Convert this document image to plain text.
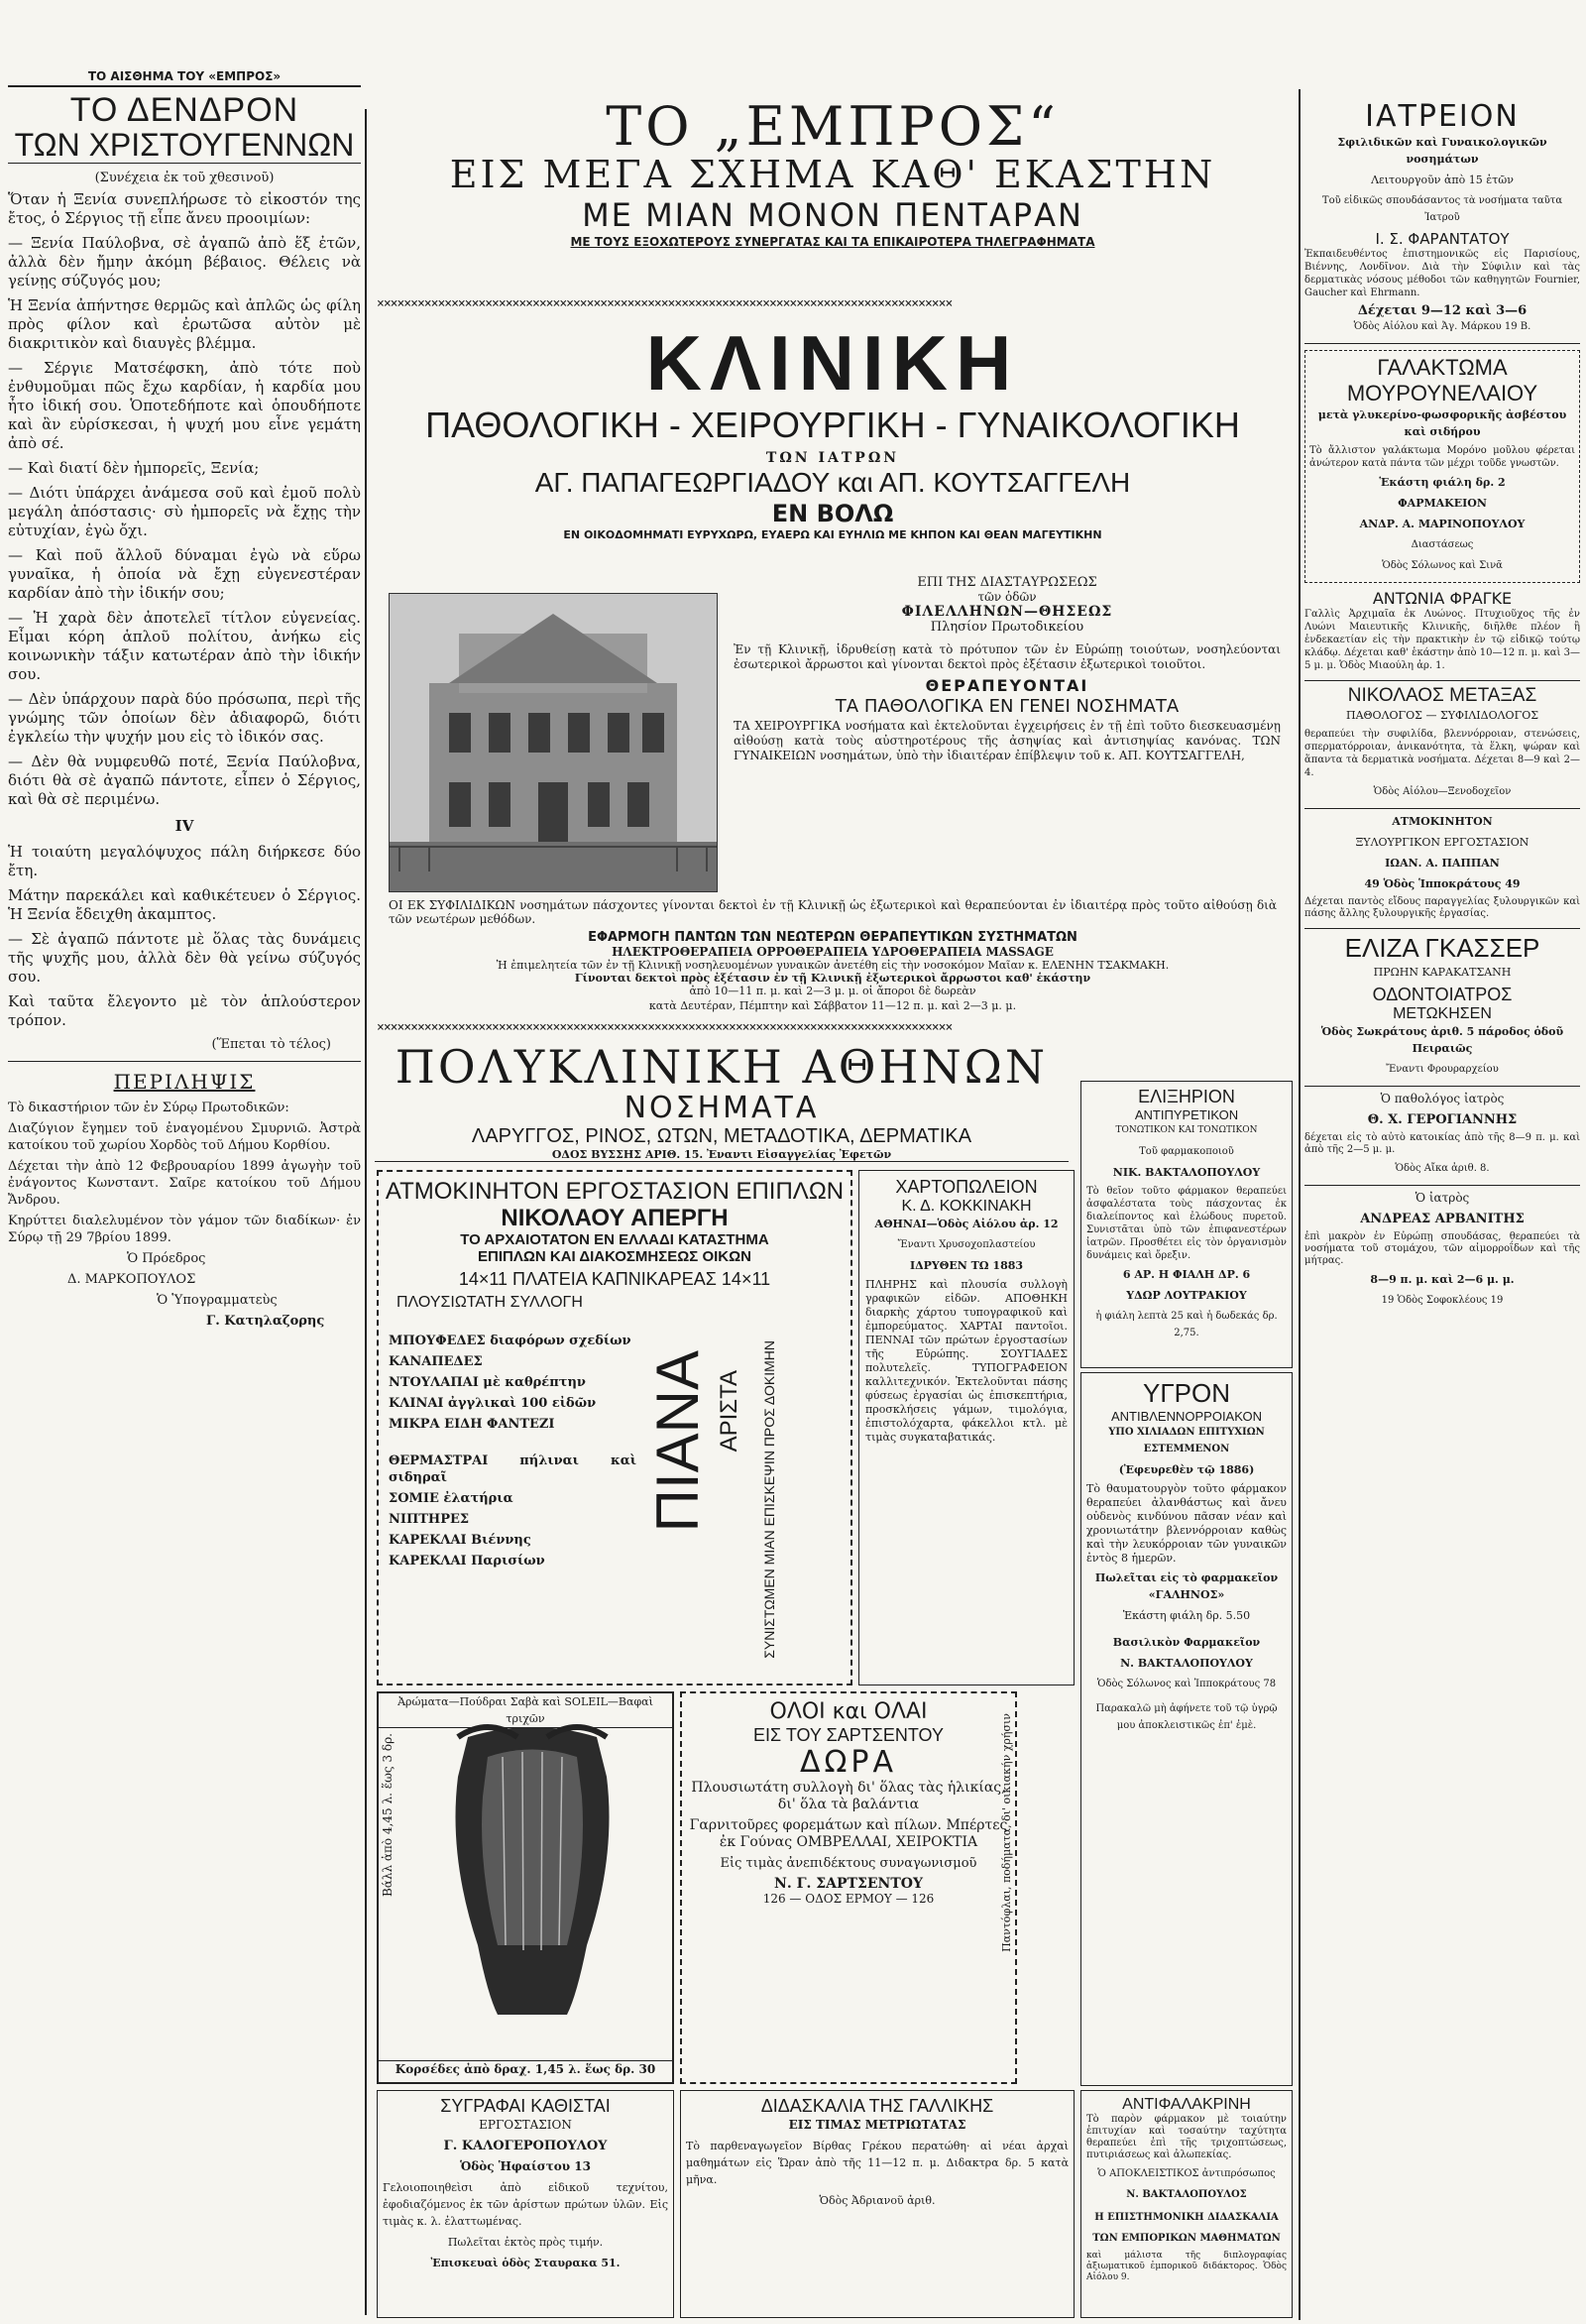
ΤΟ ΑΙΣΘΗΜΑ ΤΟΥ «ΕΜΠΡΟΣ»
ΤΟ ΔΕΝΔΡΟΝ
ΤΩΝ ΧΡΙΣΤΟΥΓΕΝΝΩΝ
(Συνέχεια ἐκ τοῦ χθεσινοῦ)

Ὅταν ἡ Ξενία συνεπλήρωσε τὸ εἰκοστόν της ἔτος, ὁ Σέργιος τῇ εἶπε ἄνευ προοιμίων:

— Ξενία Παύλοβνα, σὲ ἀγαπῶ ἀπὸ ἕξ ἐτῶν, ἀλλὰ δὲν ἤμην ἀκόμη βέβαιος. Θέλεις νὰ γείνῃς σύζυγός μου;

Ἡ Ξενία ἀπήντησε θερμῶς καὶ ἀπλῶς ὡς φίλη πρὸς φίλον καὶ ἐρωτῶσα αὐτὸν μὲ διακριτικὸν καὶ διαυγὲς βλέμμα.

— Σέργιε Ματσέφσκη, ἀπὸ τότε ποὺ ἐνθυμοῦμαι πῶς ἔχω καρδίαν, ἡ καρδία μου ἦτο ἰδική σου. Ὁποτεδήποτε καὶ ὁπουδήποτε καὶ ἂν εὑρίσκεσαι, ἡ ψυχή μου εἶνε γεμάτη ἀπὸ σέ.

— Καὶ διατί δὲν ἠμπορεῖς, Ξενία;

— Διότι ὑπάρχει ἀνάμεσα σοῦ καὶ ἐμοῦ πολὺ μεγάλη ἀπόστασις· σὺ ἠμπορεῖς νὰ ἔχῃς τὴν εὐτυχίαν, ἐγὼ ὄχι.

— Καὶ ποῦ ἄλλοῦ δύναμαι ἐγὼ νὰ εὕρω γυναῖκα, ἡ ὁποία νὰ ἔχῃ εὐγενεστέραν καρδίαν ἀπὸ τὴν ἰδικήν σου;

— Ἡ χαρὰ δὲν ἀποτελεῖ τίτλον εὐγενείας. Εἶμαι κόρη ἁπλοῦ πολίτου, ἀνήκω εἰς κοινωνικὴν τάξιν κατωτέραν ἀπὸ τὴν ἰδικήν σου.

— Δὲν ὑπάρχουν παρὰ δύο πρόσωπα, περὶ τῆς γνώμης τῶν ὁποίων δὲν ἀδιαφορῶ, διότι ἐγκλείω τὴν ψυχήν μου εἰς τὸ ἰδικόν σας.

— Δὲν θὰ νυμφευθῶ ποτέ, Ξενία Παύλοβνα, διότι θὰ σὲ ἀγαπῶ πάντοτε, εἶπεν ὁ Σέργιος, καὶ θὰ σὲ περιμένω.

IV

Ἡ τοιαύτη μεγαλόψυχος πάλη διήρκεσε δύο ἔτη.

Μάτην παρεκάλει καὶ καθικέτευεν ὁ Σέργιος. Ἡ Ξενία ἔδειχθη ἀκαμπτος.

— Σὲ ἀγαπῶ πάντοτε μὲ ὅλας τὰς δυνάμεις τῆς ψυχῆς μου, ἀλλὰ δὲν θὰ γείνω σύζυγός σου.

Καὶ ταῦτα ἔλεγοντο μὲ τὸν ἁπλούστερον τρόπον.

(Ἕπεται τὸ τέλος)
ΠΕΡΙΛΗΨΙΣ

Τὸ δικαστήριον τῶν ἐν Σύρῳ Πρωτοδικῶν:

Διαζύγιον ἔγημεν τοῦ ἐναγομένου Σμυρνιῶ. Ἀστρὰ κατοίκου τοῦ χωρίου Χορδὸς τοῦ Δήμου Κορθίου.

Δέχεται τὴν ἀπὸ 12 Φεβρουαρίου 1899 ἀγωγὴν τοῦ ἐνάγοντος Κωνσταντ. Σαῖρε κατοίκου τοῦ Δήμου Ἄνδρου.

Κηρύττει διαλελυμένον τὸν γάμον τῶν διαδίκων· ἐν Σύρῳ τῇ 29 7βρίου 1899.

Ὁ Πρόεδρος
Δ. ΜΑΡΚΟΠΟΥΛΟΣ
Ὁ Ὑπογραμματεὺς
Γ. Κατηλαζορης
ΤΟ „ΕΜΠΡΟΣ“
ΕΙΣ ΜΕΓΑ ΣΧΗΜΑ ΚΑΘ' ΕΚΑΣΤΗΝ
ΜΕ ΜΙΑΝ ΜΟΝΟΝ ΠΕΝΤΑΡΑΝ
ΜΕ ΤΟΥΣ ΕΞΟΧΩΤΕΡΟΥΣ ΣΥΝΕΡΓΑΤΑΣ ΚΑΙ ΤΑ ΕΠΙΚΑΙΡΟΤΕΡΑ ΤΗΛΕΓΡΑΦΗΜΑΤΑ
×××××××××××××××××××××××××××××××××××××××××××××××××××××××××××××××××××××××××××××××××××××
ΚΛΙΝΙΚΗ
ΠΑΘΟΛΟΓΙΚΗ - ΧΕΙΡΟΥΡΓΙΚΗ - ΓΥΝΑΙΚΟΛΟΓΙΚΗ
ΤΩΝ ΙΑΤΡΩΝ
ΑΓ. ΠΑΠΑΓΕΩΡΓΙΑΔΟΥ και ΑΠ. ΚΟΥΤΣΑΓΓΕΛΗ
ΕΝ ΒΟΛΩ
ΕΝ ΟΙΚΟΔΟΜΗΜΑΤΙ ΕΥΡΥΧΩΡΩ, ΕΥΑΕΡΩ ΚΑΙ ΕΥΗΛΙΩ ΜΕ ΚΗΠΟΝ ΚΑΙ ΘΕΑΝ ΜΑΓΕΥΤΙΚΗΝ
ΕΠΙ ΤΗΣ ΔΙΑΣΤΑΥΡΩΣΕΩΣ
τῶν ὁδῶν
ΦΙΛΕΛΛΗΝΩΝ—ΘΗΣΕΩΣ
Πλησίον Πρωτοδικείου

Ἐν τῇ Κλινικῇ, ἱδρυθείσῃ κατὰ τὸ πρότυπον τῶν ἐν Εὐρώπῃ τοιούτων, νοσηλεύονται ἐσωτερικοὶ ἄρρωστοι καὶ γίνονται δεκτοὶ πρὸς ἐξέτασιν ἐξωτερικοὶ τοιοῦτοι.

ΘΕΡΑΠΕΥΟΝΤΑΙ
ΤΑ ΠΑΘΟΛΟΓΙΚΑ ΕΝ ΓΕΝΕΙ ΝΟΣΗΜΑΤΑ

ΤΑ ΧΕΙΡΟΥΡΓΙΚΑ νοσήματα καὶ ἐκτελοῦνται ἐγχειρήσεις ἐν τῇ ἐπὶ τοῦτο διεσκευασμένῃ αἰθούσῃ κατὰ τοὺς αὐστηροτέρους τῆς ἀσηψίας καὶ ἀντισηψίας κανόνας. ΤΩΝ ΓΥΝΑΙΚΕΙΩΝ νοσημάτων, ὑπὸ τὴν ἰδιαιτέραν ἐπίβλεψιν τοῦ κ. ΑΠ. ΚΟΥΤΣΑΓΓΕΛΗ,

ΟΙ ΕΚ ΣΥΦΙΛΙΔΙΚΩΝ νοσημάτων πάσχοντες γίνονται δεκτοὶ ἐν τῇ Κλινικῇ ὡς ἐξωτερικοὶ καὶ θεραπεύονται ἐν ἰδιαιτέρᾳ πρὸς τοῦτο αἰθούσῃ διὰ τῶν νεωτέρων μεθόδων.

ΕΦΑΡΜΟΓΗ ΠΑΝΤΩΝ ΤΩΝ ΝΕΩΤΕΡΩΝ ΘΕΡΑΠΕΥΤΙΚΩΝ ΣΥΣΤΗΜΑΤΩΝ
ΗΛΕΚΤΡΟΘΕΡΑΠΕΙΑ ΟΡΡΟΘΕΡΑΠΕΙΑ ΥΔΡΟΘΕΡΑΠΕΙΑ MASSAGE
Ἡ ἐπιμελητεία τῶν ἐν τῇ Κλινικῇ νοσηλευομένων γυναικῶν ἀνετέθη εἰς τὴν νοσοκόμον Μαῖαν κ. ΕΛΕΝΗΝ ΤΣΑΚΜΑΚΗ.
Γίνονται δεκτοὶ πρὸς ἐξέτασιν ἐν τῇ Κλινικῇ ἐξωτερικοὶ ἄρρωστοι καθ' ἑκάστην
ἀπὸ 10—11 π. μ. καὶ 2—3 μ. μ. οἱ ἄποροι δὲ δωρεὰν
κατὰ Δευτέραν, Πέμπτην καὶ Σάββατον 11—12 π. μ. καὶ 2—3 μ. μ.
×××××××××××××××××××××××××××××××××××××××××××××××××××××××××××××××××××××××××××××××××××××
ΠΟΛΥΚΛΙΝΙΚΗ ΑΘΗΝΩΝ
ΝΟΣΗΜΑΤΑ
ΛΑΡΥΓΓΟΣ, ΡΙΝΟΣ, ΩΤΩΝ, ΜΕΤΑΔΟΤΙΚΑ, ΔΕΡΜΑΤΙΚΑ
ΟΔΟΣ ΒΥΣΣΗΣ ΑΡΙΘ. 15. Ἐναντι Εἰσαγγελίας Ἐφετῶν
ΑΤΜΟΚΙΝΗΤΟΝ ΕΡΓΟΣΤΑΣΙΟΝ ΕΠΙΠΛΩΝ
ΝΙΚΟΛΑΟΥ ΑΠΕΡΓΗ
ΤΟ ΑΡΧΑΙΟΤΑΤΟΝ ΕΝ ΕΛΛΑΔΙ ΚΑΤΑΣΤΗΜΑ
ΕΠΙΠΛΩΝ ΚΑΙ ΔΙΑΚΟΣΜΗΣΕΩΣ ΟΙΚΩΝ
14×11 ΠΛΑΤΕΙΑ ΚΑΠΝΙΚΑΡΕΑΣ 14×11
ΠΛΟΥΣΙΩΤΑΤΗ ΣΥΛΛΟΓΗ
ΜΠΟΥΦΕΔΕΣ διαφόρων σχεδίων
ΚΑΝΑΠΕΔΕΣ
ΝΤΟΥΛΑΠΑΙ μὲ καθρέπτην
ΚΛΙΝΑΙ ἀγγλικαὶ 100 εἰδῶν
ΜΙΚΡΑ ΕΙΔΗ ΦΑΝΤΕΖΙ
ΘΕΡΜΑΣΤΡΑΙ πήλιναι καὶ σιδηραῖ
ΣΟΜΙΕ ἐλατήρια
ΝΙΠΤΗΡΕΣ
ΚΑΡΕΚΛΑΙ Βιέννης
ΚΑΡΕΚΛΑΙ Παρισίων
ΠΙΑΝΑ ΑΡΙΣΤΑ ΣΥΝΙΣΤΩΜΕΝ ΜΙΑΝ ΕΠΙΣΚΕΨΙΝ ΠΡΟΣ ΔΟΚΙΜΗΝ
Ἀρώματα—Πούδραι Σαβὰ καὶ SOLEIL—Βαφαὶ τριχῶν
Βάλλ ἀπὸ 4,45 λ. ἕως 3 δρ.
Κορσέδες ἀπὸ δραχ. 1,45 λ. ἕως δρ. 30
ΟΛΟΙ και ΟΛΑΙ
ΕΙΣ ΤΟΥ ΣΑΡΤΣΕΝΤΟΥ
ΔΩΡΑ

Πλουσιωτάτη συλλογὴ δι' ὅλας τὰς ἡλικίας, δι' ὅλα τὰ βαλάντια

Γαρνιτοῦρες φορεμάτων καὶ πίλων. Μπέρτες ἐκ Γούνας ΟΜΒΡΕΛΛΑΙ, ΧΕΙΡΟΚΤΙΑ

Εἰς τιμὰς ἀνεπιδέκτους συναγωνισμοῦ

Ν. Γ. ΣΑΡΤΣΕΝΤΟΥ
126 — ΟΔΟΣ ΕΡΜΟΥ — 126	Παντόφλαι, ποδήματα, δι' οικιακήν χρήσιν
ΧΑΡΤΟΠΩΛΕΙΟΝ
Κ. Δ. ΚΟΚΚΙΝΑΚΗ
ΑΘΗΝΑΙ—Ὁδὸς Αἰόλου ἀρ. 12
Ἔναντι Χρυσοχοπλαστείου
ΙΔΡΥΘΕΝ ΤΩ 1883

ΠΛΗΡΗΣ καὶ πλουσία συλλογὴ γραφικῶν εἰδῶν. ΑΠΟΘΗΚΗ διαρκὴς χάρτου τυπογραφικοῦ καὶ ἐμπορεύματος. ΧΑΡΤΑΙ παντοῖοι. ΠΕΝΝΑΙ τῶν πρώτων ἐργοστασίων τῆς Εὐρώπης. ΣΟΥΓΙΑΔΕΣ πολυτελεῖς. ΤΥΠΟΓΡΑΦΕΙΟΝ καλλιτεχνικόν. Ἐκτελοῦνται πάσης φύσεως ἐργασίαι ὡς ἐπισκεπτήρια, προσκλήσεις γάμων, τιμολόγια, ἐπιστολόχαρτα, φάκελλοι κτλ. μὲ τιμὰς συγκαταβατικάς.

ΕΛΙΞΗΡΙΟΝ
ΑΝΤΙΠΥΡΕΤΙΚΟΝ
ΤΟΝΩΤΙΚΟΝ ΚΑΙ ΤΟΝΩΤΙΚΟΝ
Τοῦ φαρμακοποιοῦ
ΝΙΚ. ΒΑΚΤΑΛΟΠΟΥΛΟΥ

Τὸ θεῖον τοῦτο φάρμακον θεραπεύει ἀσφαλέστατα τοὺς πάσχοντας ἐκ διαλείποντος καὶ ἐλώδους πυρετοῦ. Συνιστᾶται ὑπὸ τῶν ἐπιφανεστέρων ἰατρῶν. Προσθέτει εἰς τὸν ὀργανισμὸν δυνάμεις καὶ ὄρεξιν.

6 ΑΡ. Η ΦΙΑΛΗ ΔΡ. 6
ΥΔΩΡ ΛΟΥΤΡΑΚΙΟΥ
ἡ φιάλη λεπτὰ 25 καὶ ἡ δωδεκάς δρ. 2,75.
ΥΓΡΟΝ
ΑΝΤΙΒΛΕΝΝΟΡΡΟΙΑΚΟΝ
ΥΠΟ ΧΙΛΙΑΔΩΝ ΕΠΙΤΥΧΙΩΝ ΕΣΤΕΜΜΕΝΟΝ
(Ἐφευρεθὲν τῷ 1886)

Τὸ θαυματουργὸν τοῦτο φάρμακον θεραπεύει ἀλανθάστως καὶ ἄνευ οὐδενὸς κινδύνου πᾶσαν νέαν καὶ χρονιωτάτην βλεννόρροιαν καθὼς καὶ τὴν λευκόρροιαν τῶν γυναικῶν ἐντὸς 8 ἡμερῶν.

Πωλεῖται εἰς τὸ φαρμακεῖον «ΓΑΛΗΝΟΣ»
Ἑκάστη φιάλη δρ. 5.50
Βασιλικὸν Φαρμακεῖον
Ν. ΒΑΚΤΑΛΟΠΟΥΛΟΥ
Ὁδὸς Σόλωνος καὶ Ἱπποκράτους 78
Παρακαλῶ μὴ ἀφήνετε τοῦ τῷ ὑγρῷ μου ἀποκλειστικῶς ἐπ' ἐμὲ.
ΣΥΓΡΑΦΑΙ ΚΑΘΙΣΤΑΙ
ΕΡΓΟΣΤΑΣΙΟΝ
Γ. ΚΑΛΟΓΕΡΟΠΟΥΛΟΥ
Ὁδὸς Ἡφαίστου 13

Γελοιοποιηθεὶσι ἀπὸ εἰδικοῦ τεχνίτου, ἐφοδιαζόμενος ἐκ τῶν ἀρίστων πρώτων ὑλῶν. Εἰς τιμὰς κ. λ. ἐλαττωμένας.

Πωλεῖται ἐκτὸς πρὸς τιμήν.
Ἐπισκευαὶ ὁδὸς Σταυρακα 51.
ΔΙΔΑΣΚΑΛΙΑ ΤΗΣ ΓΑΛΛΙΚΗΣ
ΕΙΣ ΤΙΜΑΣ ΜΕΤΡΙΩΤΑΤΑΣ

Τὸ παρθεναγωγεῖον Βίρθας Γρέκου περατώθη· αἱ νέαι ἀρχαὶ μαθημάτων εἰς Ὥραν ἀπὸ τῆς 11—12 π. μ. Διδακτρα δρ. 5 κατὰ μῆνα.

Ὁδὸς Ἀδριανοῦ ἀριθ.
ΑΝΤΙΦΑΛΑΚΡΙΝΗ

Τὸ παρὸν φάρμακον μὲ τοιαύτην ἐπιτυχίαν καὶ τοσαύτην ταχύτητα θεραπεύει ἐπὶ τῆς τριχοπτώσεως, πυτιριάσεως καὶ ἀλωπεκίας.

Ὁ ΑΠΟΚΛΕΙΣΤΙΚΟΣ ἀντιπρόσωπος
Ν. ΒΑΚΤΑΛΟΠΟΥΛΟΣ
Η ΕΠΙΣΤΗΜΟΝΙΚΗ ΔΙΔΑΣΚΑΛΙΑ
ΤΩΝ ΕΜΠΟΡΙΚΩΝ ΜΑΘΗΜΑΤΩΝ
καὶ μάλιστα τῆς διπλογραφίας ἀξιωματικοῦ ἐμπορικοῦ διδάκτορος. Ὁδὸς Αἰόλου 9.
ΙΑΤΡΕΙΟΝ
Σφιλιδικῶν καὶ Γυναικολογικῶν νοσημάτων
Λειτουργοῦν ἀπὸ 15 ἐτῶν
Τοῦ εἰδικῶς σπουδάσαντος τὰ νοσήματα ταῦτα Ἰατροῦ
Ι. Σ. ΦΑΡΑΝΤΑΤΟΥ

Ἐκπαιδευθέντος ἐπιστημονικῶς εἰς Παρισίους, Βιέννης, Λονδῖνον. Διὰ τὴν Σύφιλιν καὶ τὰς δερματικὰς νόσους μέθοδοι τῶν καθηγητῶν Fournier, Gaucher καὶ Ehrmann.

Δέχεται 9—12 καὶ 3—6
Ὁδὸς Αἰόλου καὶ Ἀγ. Μάρκου 19 Β.
ΓΑΛΑΚΤΩΜΑ
ΜΟΥΡΟΥΝΕΛΑΙΟΥ
μετὰ γλυκερίνο-φωσφορικῆς ἀσβέστου καὶ σιδήρου

Τὸ ἄλλιστον γαλάκτωμα Μορόνο μοῦλου φέρεται ἀνώτερον κατὰ πάντα τῶν μέχρι τοῦδε γνωστῶν.

Ἑκάστη φιάλη δρ. 2
ΦΑΡΜΑΚΕΙΟΝ
ΑΝΔΡ. Α. ΜΑΡΙΝΟΠΟΥΛΟΥ
Διαστάσεως
Ὁδὸς Σόλωνος καὶ Σινᾶ
ΑΝΤΩΝΙΑ ΦΡΑΓΚΕ

Γαλλὶς Ἀρχιμαῖα ἐκ Λυώνος. Πτυχιοῦχος τῆς ἐν Λυώνι Μαιευτικῆς Κλινικῆς, διῆλθε πλέον ἢ ἐνδεκαετίαν εἰς τὴν πρακτικὴν ἐν τῷ εἰδικῷ τούτῳ κλάδῳ. Δέχεται καθ' ἑκάστην ἀπὸ 10—12 π. μ. καὶ 3—5 μ. μ. Ὁδὸς Μιαούλη ἀρ. 1.

ΝΙΚΟΛΑΟΣ ΜΕΤΑΞΑΣ
ΠΑΘΟΛΟΓΟΣ — ΣΥΦΙΛΙΔΟΛΟΓΟΣ

θεραπεύει τὴν συφιλίδα, βλεννόρροιαν, στενώσεις, σπερματόρροιαν, ἀνικανότητα, τὰ ἕλκη, ψώραν καὶ ἅπαντα τὰ δερματικὰ νοσήματα. Δέχεται 8—9 καὶ 2—4.

Ὁδὸς Αἰόλου—Ξενοδοχεῖον
ΑΤΜΟΚΙΝΗΤΟΝ
ΞΥΛΟΥΡΓΙΚΟΝ ΕΡΓΟΣΤΑΣΙΟΝ
ΙΩΑΝ. Α. ΠΑΠΠΑΝ
49 Ὁδὸς Ἱπποκράτους 49

Δέχεται παντὸς εἴδους παραγγελίας ξυλουργικῶν καὶ πάσης ἄλλης ξυλουργικῆς ἐργασίας.

ΕΛΙΖΑ ΓΚΑΣΣΕΡ
ΠΡΩΗΝ ΚΑΡΑΚΑΤΣΑΝΗ
ΟΔΟΝΤΟΙΑΤΡΟΣ
ΜΕΤΩΚΗΣΕΝ
Ὁδὸς Σωκράτους ἀριθ. 5 πάροδος ὁδοῦ Πειραιῶς
Ἔναντι Φρουραρχείου
Ὁ παθολόγος ἰατρὸς
Θ. Χ. ΓΕΡΟΓΙΑΝΝΗΣ

δέχεται εἰς τὸ αὐτὸ κατοικίας ἀπὸ τῆς 8—9 π. μ. καὶ ἀπὸ τῆς 2—5 μ. μ.

Ὁδὸς Αἴκα ἀριθ. 8.
Ὁ ἰατρὸς
ΑΝΔΡΕΑΣ ΑΡΒΑΝΙΤΗΣ

ἐπὶ μακρὸν ἐν Εὐρώπῃ σπουδάσας, θεραπεύει τὰ νοσήματα τοῦ στομάχου, τῶν αἱμορροΐδων καὶ τῆς μήτρας.

8—9 π. μ. καὶ 2—6 μ. μ.
19 Ὁδὸς Σοφοκλέους 19
